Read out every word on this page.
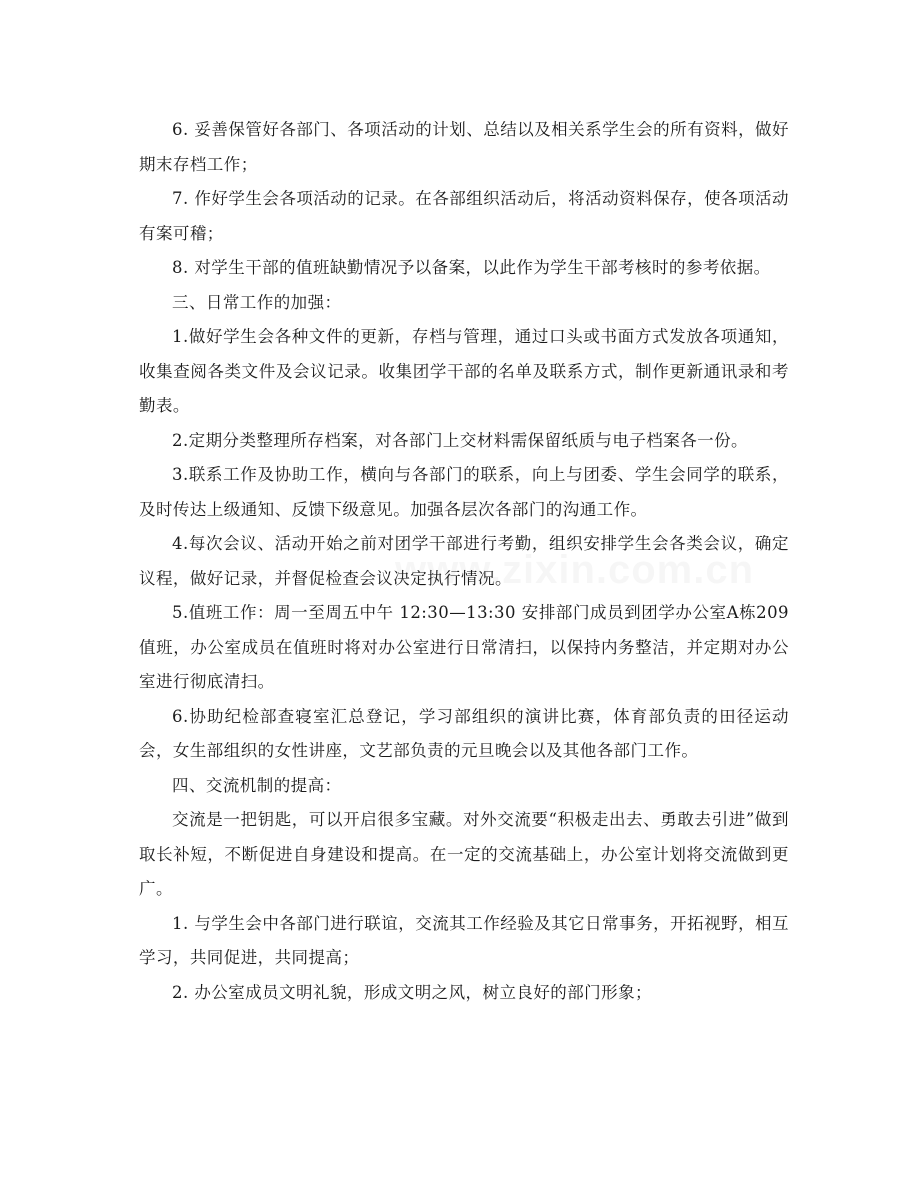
6. 妥善保管好各部门、各项活动的计划、总结以及相关系学生会的所有资料，做好期末存档工作；

7. 作好学生会各项活动的记录。在各部组织活动后，将活动资料保存，使各项活动有案可稽；

8. 对学生干部的值班缺勤情况予以备案，以此作为学生干部考核时的参考依据。

三、日常工作的加强：

1.做好学生会各种文件的更新，存档与管理，通过口头或书面方式发放各项通知，收集查阅各类文件及会议记录。收集团学干部的名单及联系方式，制作更新通讯录和考勤表。

2.定期分类整理所存档案，对各部门上交材料需保留纸质与电子档案各一份。

3.联系工作及协助工作，横向与各部门的联系，向上与团委、学生会同学的联系，及时传达上级通知、反馈下级意见。加强各层次各部门的沟通工作。

4.每次会议、活动开始之前对团学干部进行考勤，组织安排学生会各类会议，确定议程，做好记录，并督促检查会议决定执行情况。

5.值班工作：周一至周五中午 12:30—13:30 安排部门成员到团学办公室A栋209值班，办公室成员在值班时将对办公室进行日常清扫，以保持内务整洁，并定期对办公室进行彻底清扫。

6.协助纪检部查寝室汇总登记，学习部组织的演讲比赛，体育部负责的田径运动会，女生部组织的女性讲座，文艺部负责的元旦晚会以及其他各部门工作。

四、交流机制的提高：

交流是一把钥匙，可以开启很多宝藏。对外交流要“积极走出去、勇敢去引进”做到取长补短，不断促进自身建设和提高。在一定的交流基础上，办公室计划将交流做到更广。

1. 与学生会中各部门进行联谊，交流其工作经验及其它日常事务，开拓视野，相互学习，共同促进，共同提高；

2. 办公室成员文明礼貌，形成文明之风，树立良好的部门形象；
